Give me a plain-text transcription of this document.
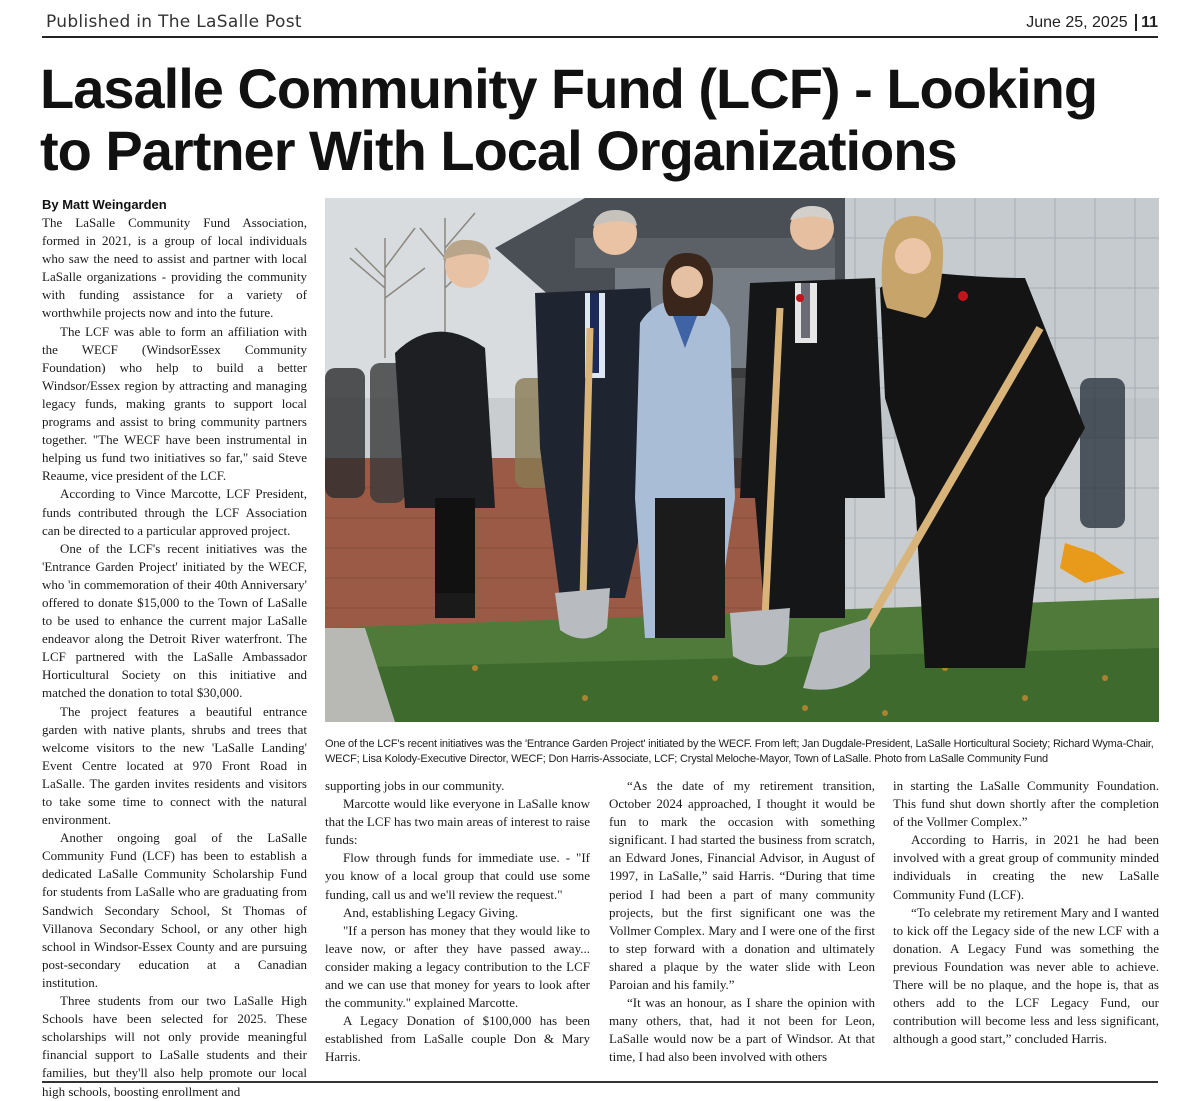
Published in The LaSalle Post	June 25, 2025 11
Lasalle Community Fund (LCF) - Looking to Partner With Local Organizations
By Matt Weingarden

The LaSalle Community Fund Association, formed in 2021, is a group of local individuals who saw the need to assist and partner with local LaSalle organizations - providing the community with funding assistance for a variety of worthwhile projects now and into the future.

The LCF was able to form an affiliation with the WECF (WindsorEssex Community Foundation) who help to build a better Windsor/Essex region by attracting and managing legacy funds, making grants to support local programs and assist to bring community partners together. "The WECF have been instrumental in helping us fund two initiatives so far," said Steve Reaume, vice president of the LCF.

According to Vince Marcotte, LCF President, funds contributed through the LCF Association can be directed to a particular approved project.

One of the LCF's recent initiatives was the 'Entrance Garden Project' initiated by the WECF, who 'in commemoration of their 40th Anniversary' offered to donate $15,000 to the Town of LaSalle to be used to enhance the current major LaSalle endeavor along the Detroit River waterfront. The LCF partnered with the LaSalle Ambassador Horticultural Society on this initiative and matched the donation to total $30,000.

The project features a beautiful entrance garden with native plants, shrubs and trees that welcome visitors to the new 'LaSalle Landing' Event Centre located at 970 Front Road in LaSalle. The garden invites residents and visitors to take some time to connect with the natural environment.

Another ongoing goal of the LaSalle Community Fund (LCF) has been to establish a dedicated LaSalle Community Scholarship Fund for students from LaSalle who are graduating from Sandwich Secondary School, St Thomas of Villanova Secondary School, or any other high school in Windsor-Essex County and are pursuing post-secondary education at a Canadian institution.

Three students from our two LaSalle High Schools have been selected for 2025. These scholarships will not only provide meaningful financial support to LaSalle students and their families, but they'll also help promote our local high schools, boosting enrollment and

One of the LCF's recent initiatives was the 'Entrance Garden Project' initiated by the WECF. From left; Jan Dugdale-President, LaSalle Horticultural Society; Richard Wyma-Chair, WECF; Lisa Kolody-Executive Director, WECF; Don Harris-Associate, LCF; Crystal Meloche-Mayor, Town of LaSalle. Photo from LaSalle Community Fund

supporting jobs in our community.

Marcotte would like everyone in LaSalle know that the LCF has two main areas of interest to raise funds:

Flow through funds for immediate use. - "If you know of a local group that could use some funding, call us and we'll review the request."

And, establishing Legacy Giving.

"If a person has money that they would like to leave now, or after they have passed away... consider making a legacy contribution to the LCF and we can use that money for years to look after the community." explained Marcotte.

A Legacy Donation of $100,000 has been established from LaSalle couple Don & Mary Harris.

“As the date of my retirement transition, October 2024 approached, I thought it would be fun to mark the occasion with something significant. I had started the business from scratch, an Edward Jones, Financial Advisor, in August of 1997, in LaSalle,” said Harris. “During that time period I had been a part of many community projects, but the first significant one was the Vollmer Complex. Mary and I were one of the first to step forward with a donation and ultimately shared a plaque by the water slide with Leon Paroian and his family.”

“It was an honour, as I share the opinion with many others, that, had it not been for Leon, LaSalle would now be a part of Windsor. At that time, I had also been involved with others

in starting the LaSalle Community Foundation. This fund shut down shortly after the completion of the Vollmer Complex.”

According to Harris, in 2021 he had been involved with a great group of community minded individuals in creating the new LaSalle Community Fund (LCF).

“To celebrate my retirement Mary and I wanted to kick off the Legacy side of the new LCF with a donation. A Legacy Fund was something the previous Foundation was never able to achieve. There will be no plaque, and the hope is, that as others add to the LCF Legacy Fund, our contribution will become less and less significant, although a good start,” concluded Harris.
